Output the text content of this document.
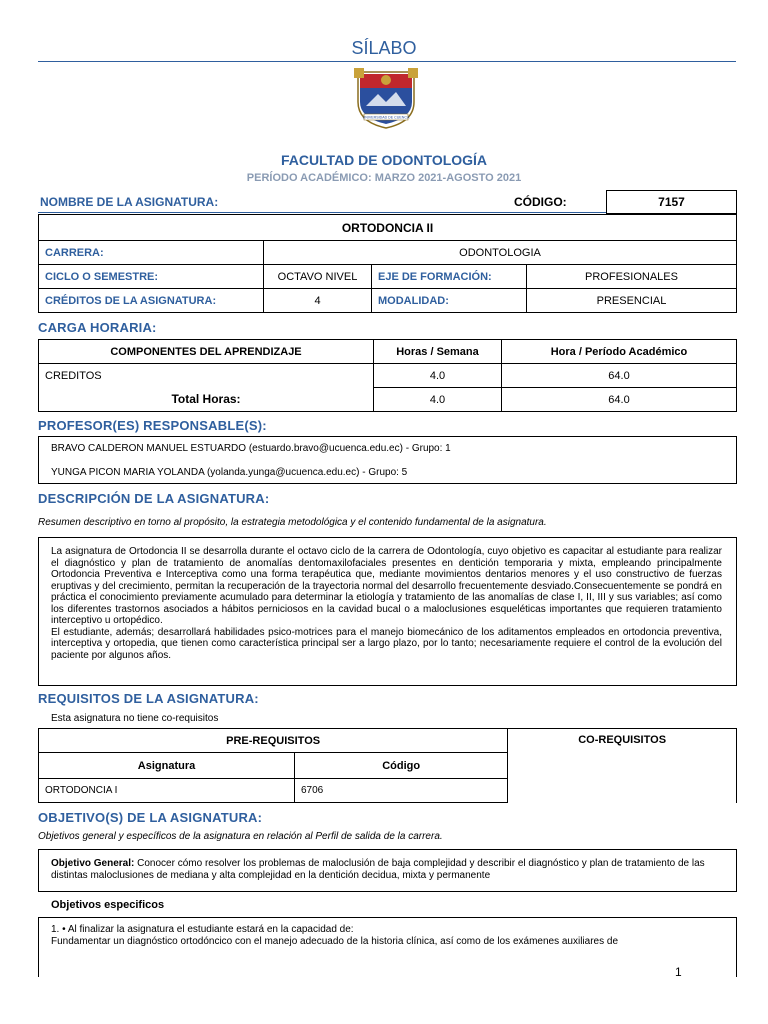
SÍLABO
UNIVERSIDAD DE CUENCA
FACULTAD DE ODONTOLOGÍA
PERÍODO ACADÉMICO: MARZO 2021-AGOSTO 2021
NOMBRE DE LA ASIGNATURA:	CÓDIGO:	7157
ORTODONCIA II			
CARRERA:	ODONTOLOGIA		
CICLO O SEMESTRE:	OCTAVO NIVEL	EJE DE FORMACIÓN:	PROFESIONALES
CRÉDITOS DE LA ASIGNATURA:	4	MODALIDAD:	PRESENCIAL
CARGA HORARIA:
COMPONENTES DEL APRENDIZAJE	Horas / Semana	Hora / Período Académico
CREDITOS	4.0	64.0
Total Horas:	4.0	64.0
PROFESOR(ES) RESPONSABLE(S):
BRAVO CALDERON MANUEL ESTUARDO (estuardo.bravo@ucuenca.edu.ec) - Grupo: 1
YUNGA PICON MARIA YOLANDA (yolanda.yunga@ucuenca.edu.ec) - Grupo: 5
DESCRIPCIÓN DE LA ASIGNATURA:
Resumen descriptivo en torno al propósito, la estrategia metodológica y el contenido fundamental de la asignatura.
La asignatura de Ortodoncia II se desarrolla durante el octavo ciclo de la carrera de Odontología, cuyo objetivo es capacitar al estudiante para realizar el diagnóstico y plan de tratamiento de anomalías dentomaxilofaciales presentes en dentición temporaria y mixta, empleando principalmente Ortodoncia Preventiva e Interceptiva como una forma terapéutica que, mediante movimientos dentarios menores y el uso constructivo de fuerzas eruptivas y del crecimiento, permitan la recuperación de la trayectoria normal del desarrollo frecuentemente desviado.Consecuentemente se pondrá en práctica el conocimiento previamente acumulado para determinar la etiología y tratamiento de las anomalías de clase I, II, III y sus variables; así como los diferentes trastornos asociados a hábitos perniciosos en la cavidad bucal o a maloclusiones esqueléticas importantes que requieren tratamiento interceptivo u ortopédico.
El estudiante, además; desarrollará habilidades psico-motrices para el manejo biomecánico de los aditamentos empleados en ortodoncia preventiva, interceptiva y ortopedia, que tienen como característica principal ser a largo plazo, por lo tanto; necesariamente requiere el control de la evolución del paciente por algunos años.
REQUISITOS DE LA ASIGNATURA:
Esta asignatura no tiene co-requisitos
PRE-REQUISITOS		CO-REQUISITOS
Asignatura	Código	
ORTODONCIA I	6706	
OBJETIVO(S) DE LA ASIGNATURA:
Objetivos general y específicos de la asignatura en relación al Perfil de salida de la carrera.
Objetivo General: Conocer cómo resolver los problemas de maloclusión de baja complejidad y describir el diagnóstico y plan de tratamiento de las distintas maloclusiones de mediana y alta complejidad en la dentición decidua, mixta y permanente
Objetivos especificos
1. • Al finalizar la asignatura el estudiante estará en la capacidad de:
Fundamentar un diagnóstico ortodóncico con el manejo adecuado de la historia clínica, así como de los exámenes auxiliares de
1
